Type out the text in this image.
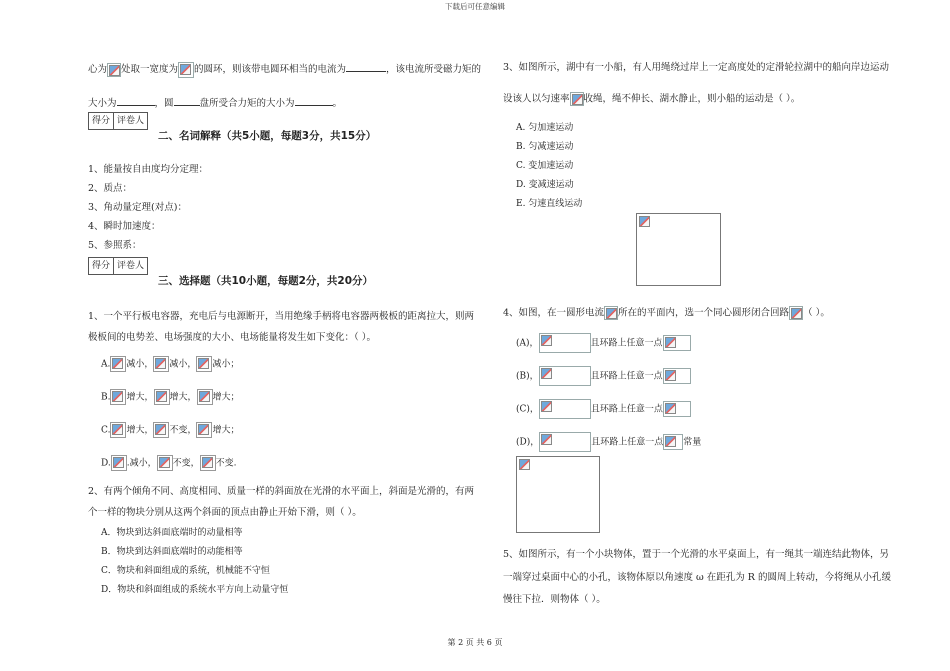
下载后可任意编辑
心为 处取一宽度为 的圆环，则该带电圆环相当的电流为	，该电流所受磁力矩的
大小为	，圆	盘所受合力矩的大小为	。
得分 评卷人
二、名词解释（共5小题，每题3分，共15分）
1、能量按自由度均分定理：
2、质点：
3、角动量定理(对点)：
4、瞬时加速度：
5、参照系：
得分 评卷人
三、选择题（共10小题，每题2分，共20分）
1、一个平行板电容器，充电后与电源断开，当用绝缘手柄将电容器两极板的距离拉大，则两
极板间的电势差、电场强度的大小、电场能量将发生如下变化：（ ）。
A. 减小， 减小， 减小；
B. 增大， 增大， 增大；
C. 增大， 不变， 增大；
D. .减小， 不变， 不变.
2、有两个倾角不同、高度相同、质量一样的斜面放在光滑的水平面上，斜面是光滑的，有两
个一样的物块分别从这两个斜面的顶点由静止开始下滑，则（ ）。
A．物块到达斜面底端时的动量相等
B．物块到达斜面底端时的动能相等
C．物块和斜面组成的系统，机械能不守恒
D．物块和斜面组成的系统水平方向上动量守恒
3、如图所示，湖中有一小船，有人用绳绕过岸上一定高度处的定滑轮拉湖中的船向岸边运动
设该人以匀速率 收绳，绳不伸长、湖水静止，则小船的运动是（ ）。
A. 匀加速运动
B. 匀减速运动
C. 变加速运动
D. 变减速运动
E. 匀速直线运动
4、如图，在一圆形电流 所在的平面内，选一个同心圆形闭合回路 （ ）。
(A)，	且环路上任意一点
(B)，	且环路上任意一点
(C)，	且环路上任意一点
(D)，	且环路上任意一点 常量
5、如图所示，有一个小块物体，置于一个光滑的水平桌面上，有一绳其一端连结此物体，另
一端穿过桌面中心的小孔，该物体原以角速度 ω 在距孔为 R 的圆周上转动，今将绳从小孔缓
慢往下拉．则物体（ ）。
第 2 页 共 6 页
